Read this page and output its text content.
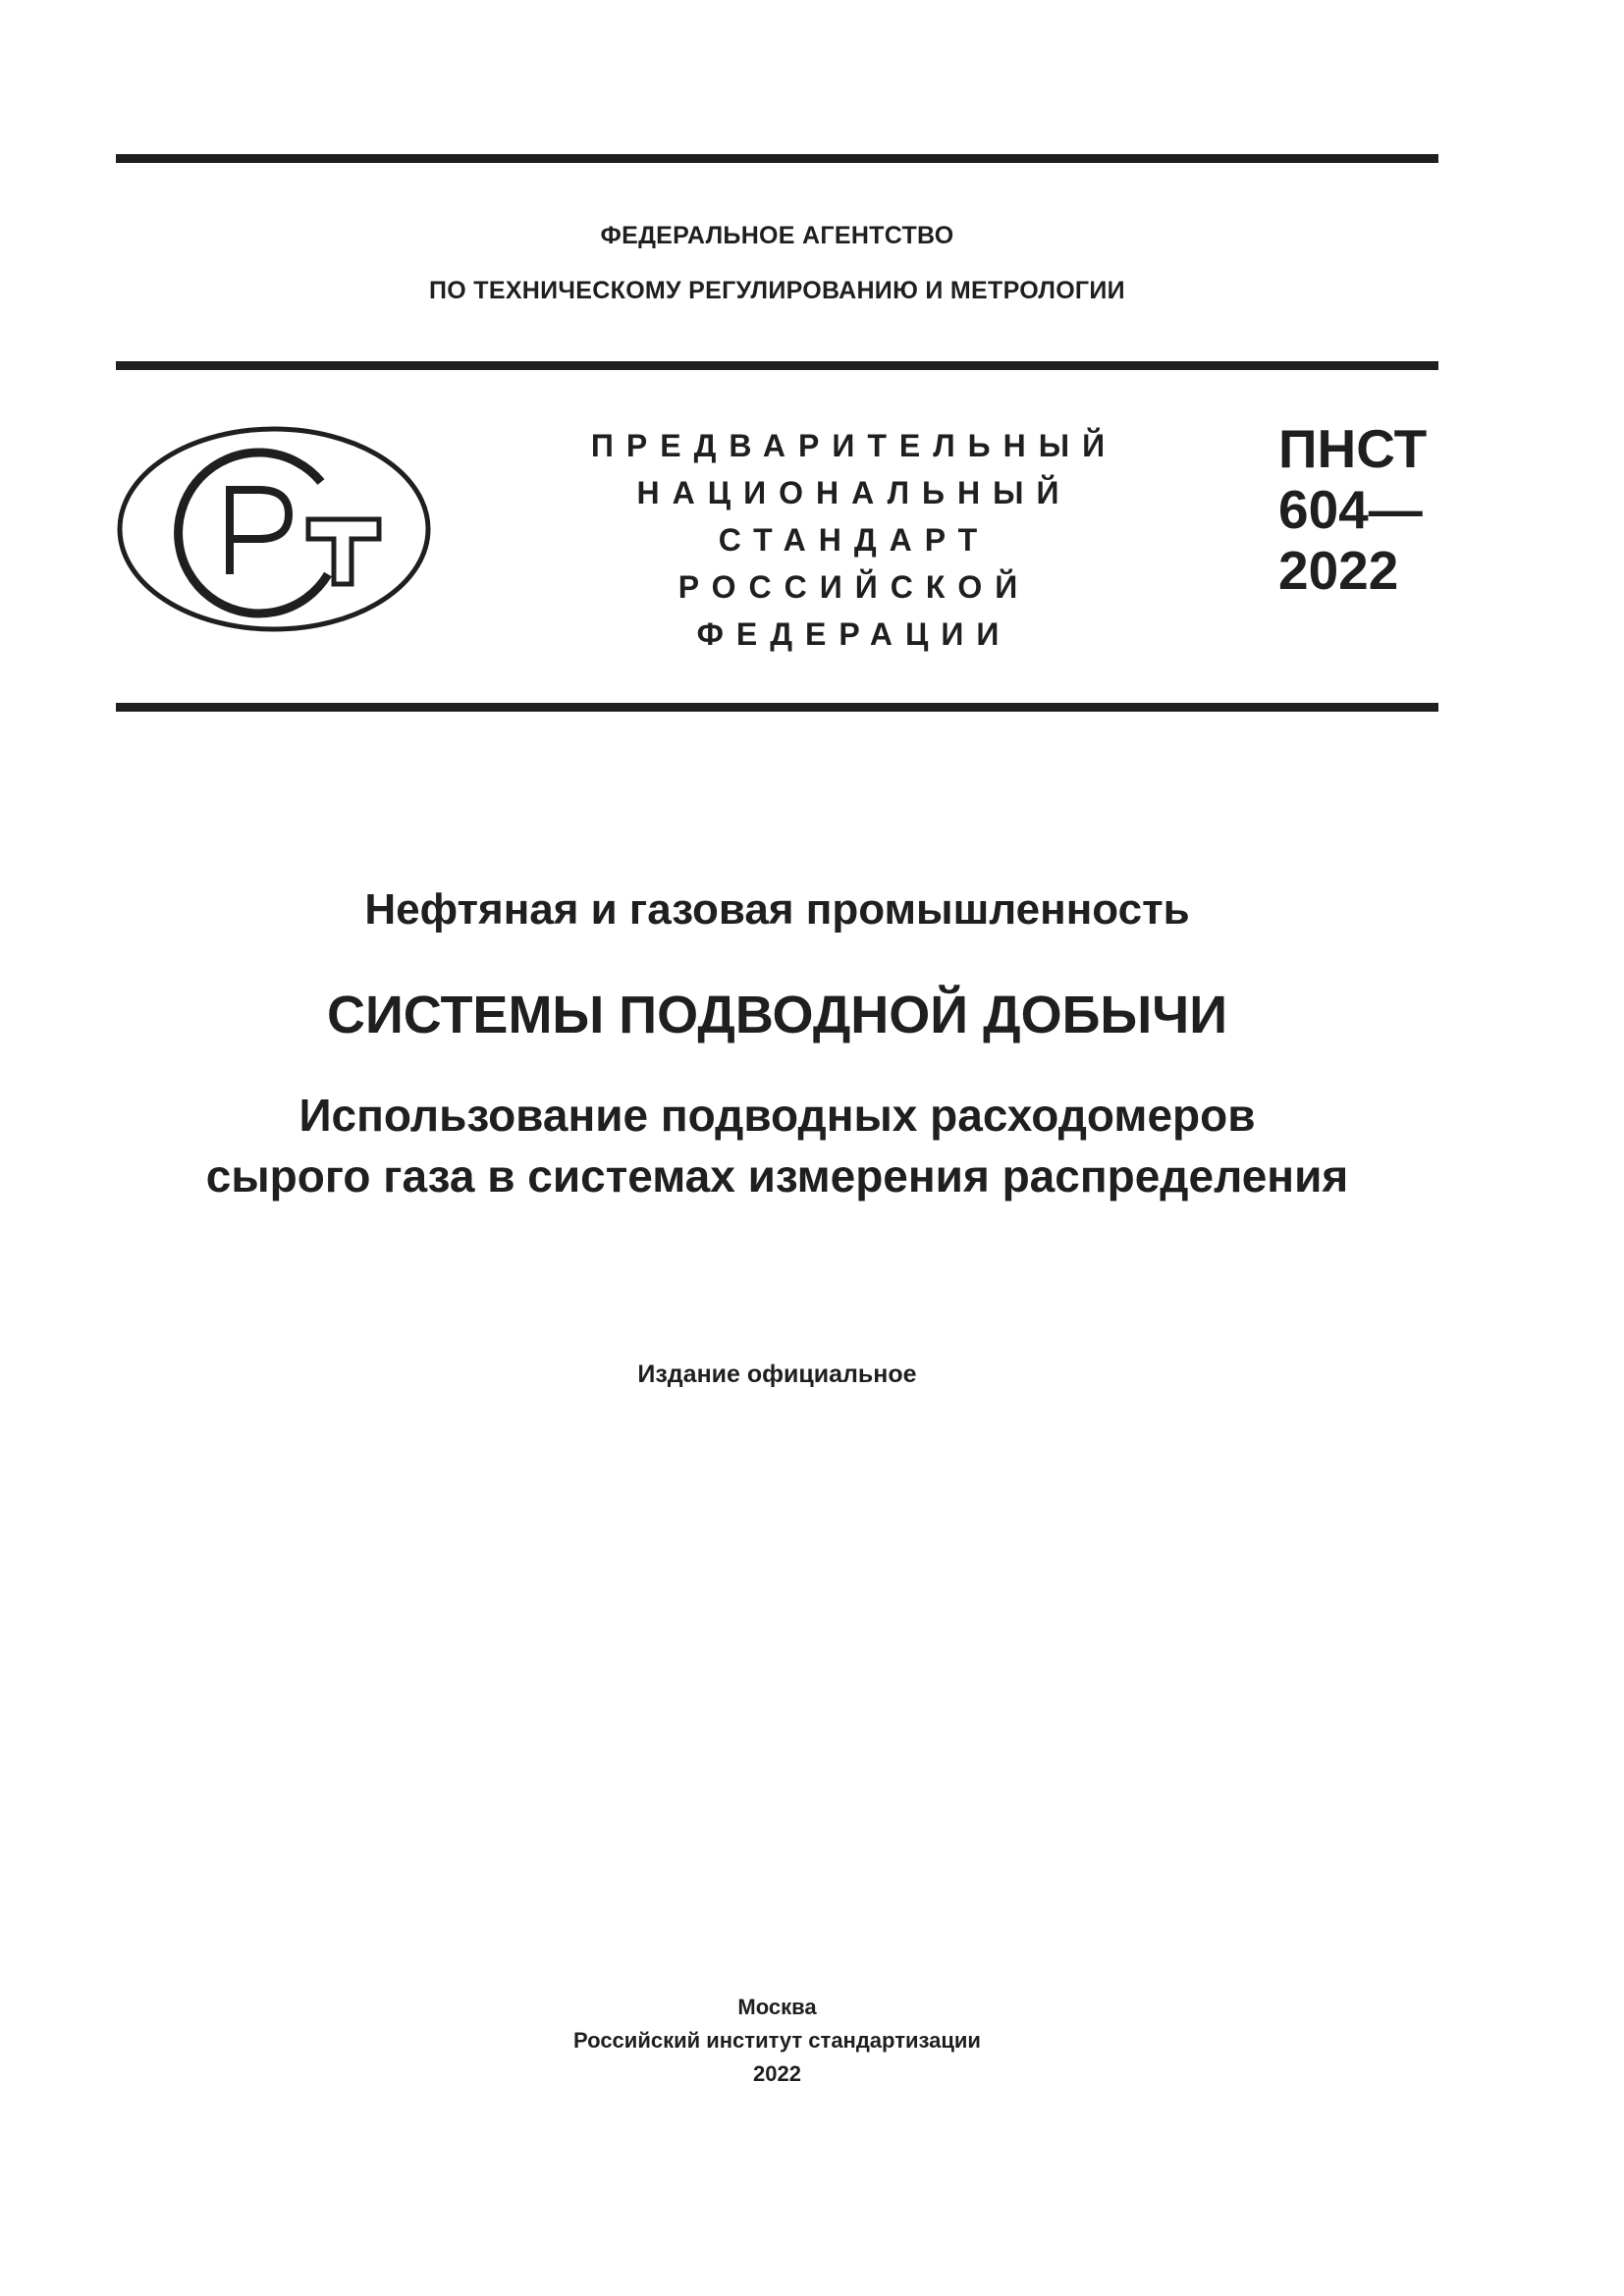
ФЕДЕРАЛЬНОЕ АГЕНТСТВО
ПО ТЕХНИЧЕСКОМУ РЕГУЛИРОВАНИЮ И МЕТРОЛОГИИ
ПРЕДВАРИТЕЛЬНЫЙ
НАЦИОНАЛЬНЫЙ
СТАНДАРТ
РОССИЙСКОЙ
ФЕДЕРАЦИИ
ПНСТ
604—
2022
Нефтяная и газовая промышленность
СИСТЕМЫ ПОДВОДНОЙ ДОБЫЧИ
Использование подводных расходомеров
сырого газа в системах измерения распределения
Издание официальное
Москва
Российский институт стандартизации
2022
